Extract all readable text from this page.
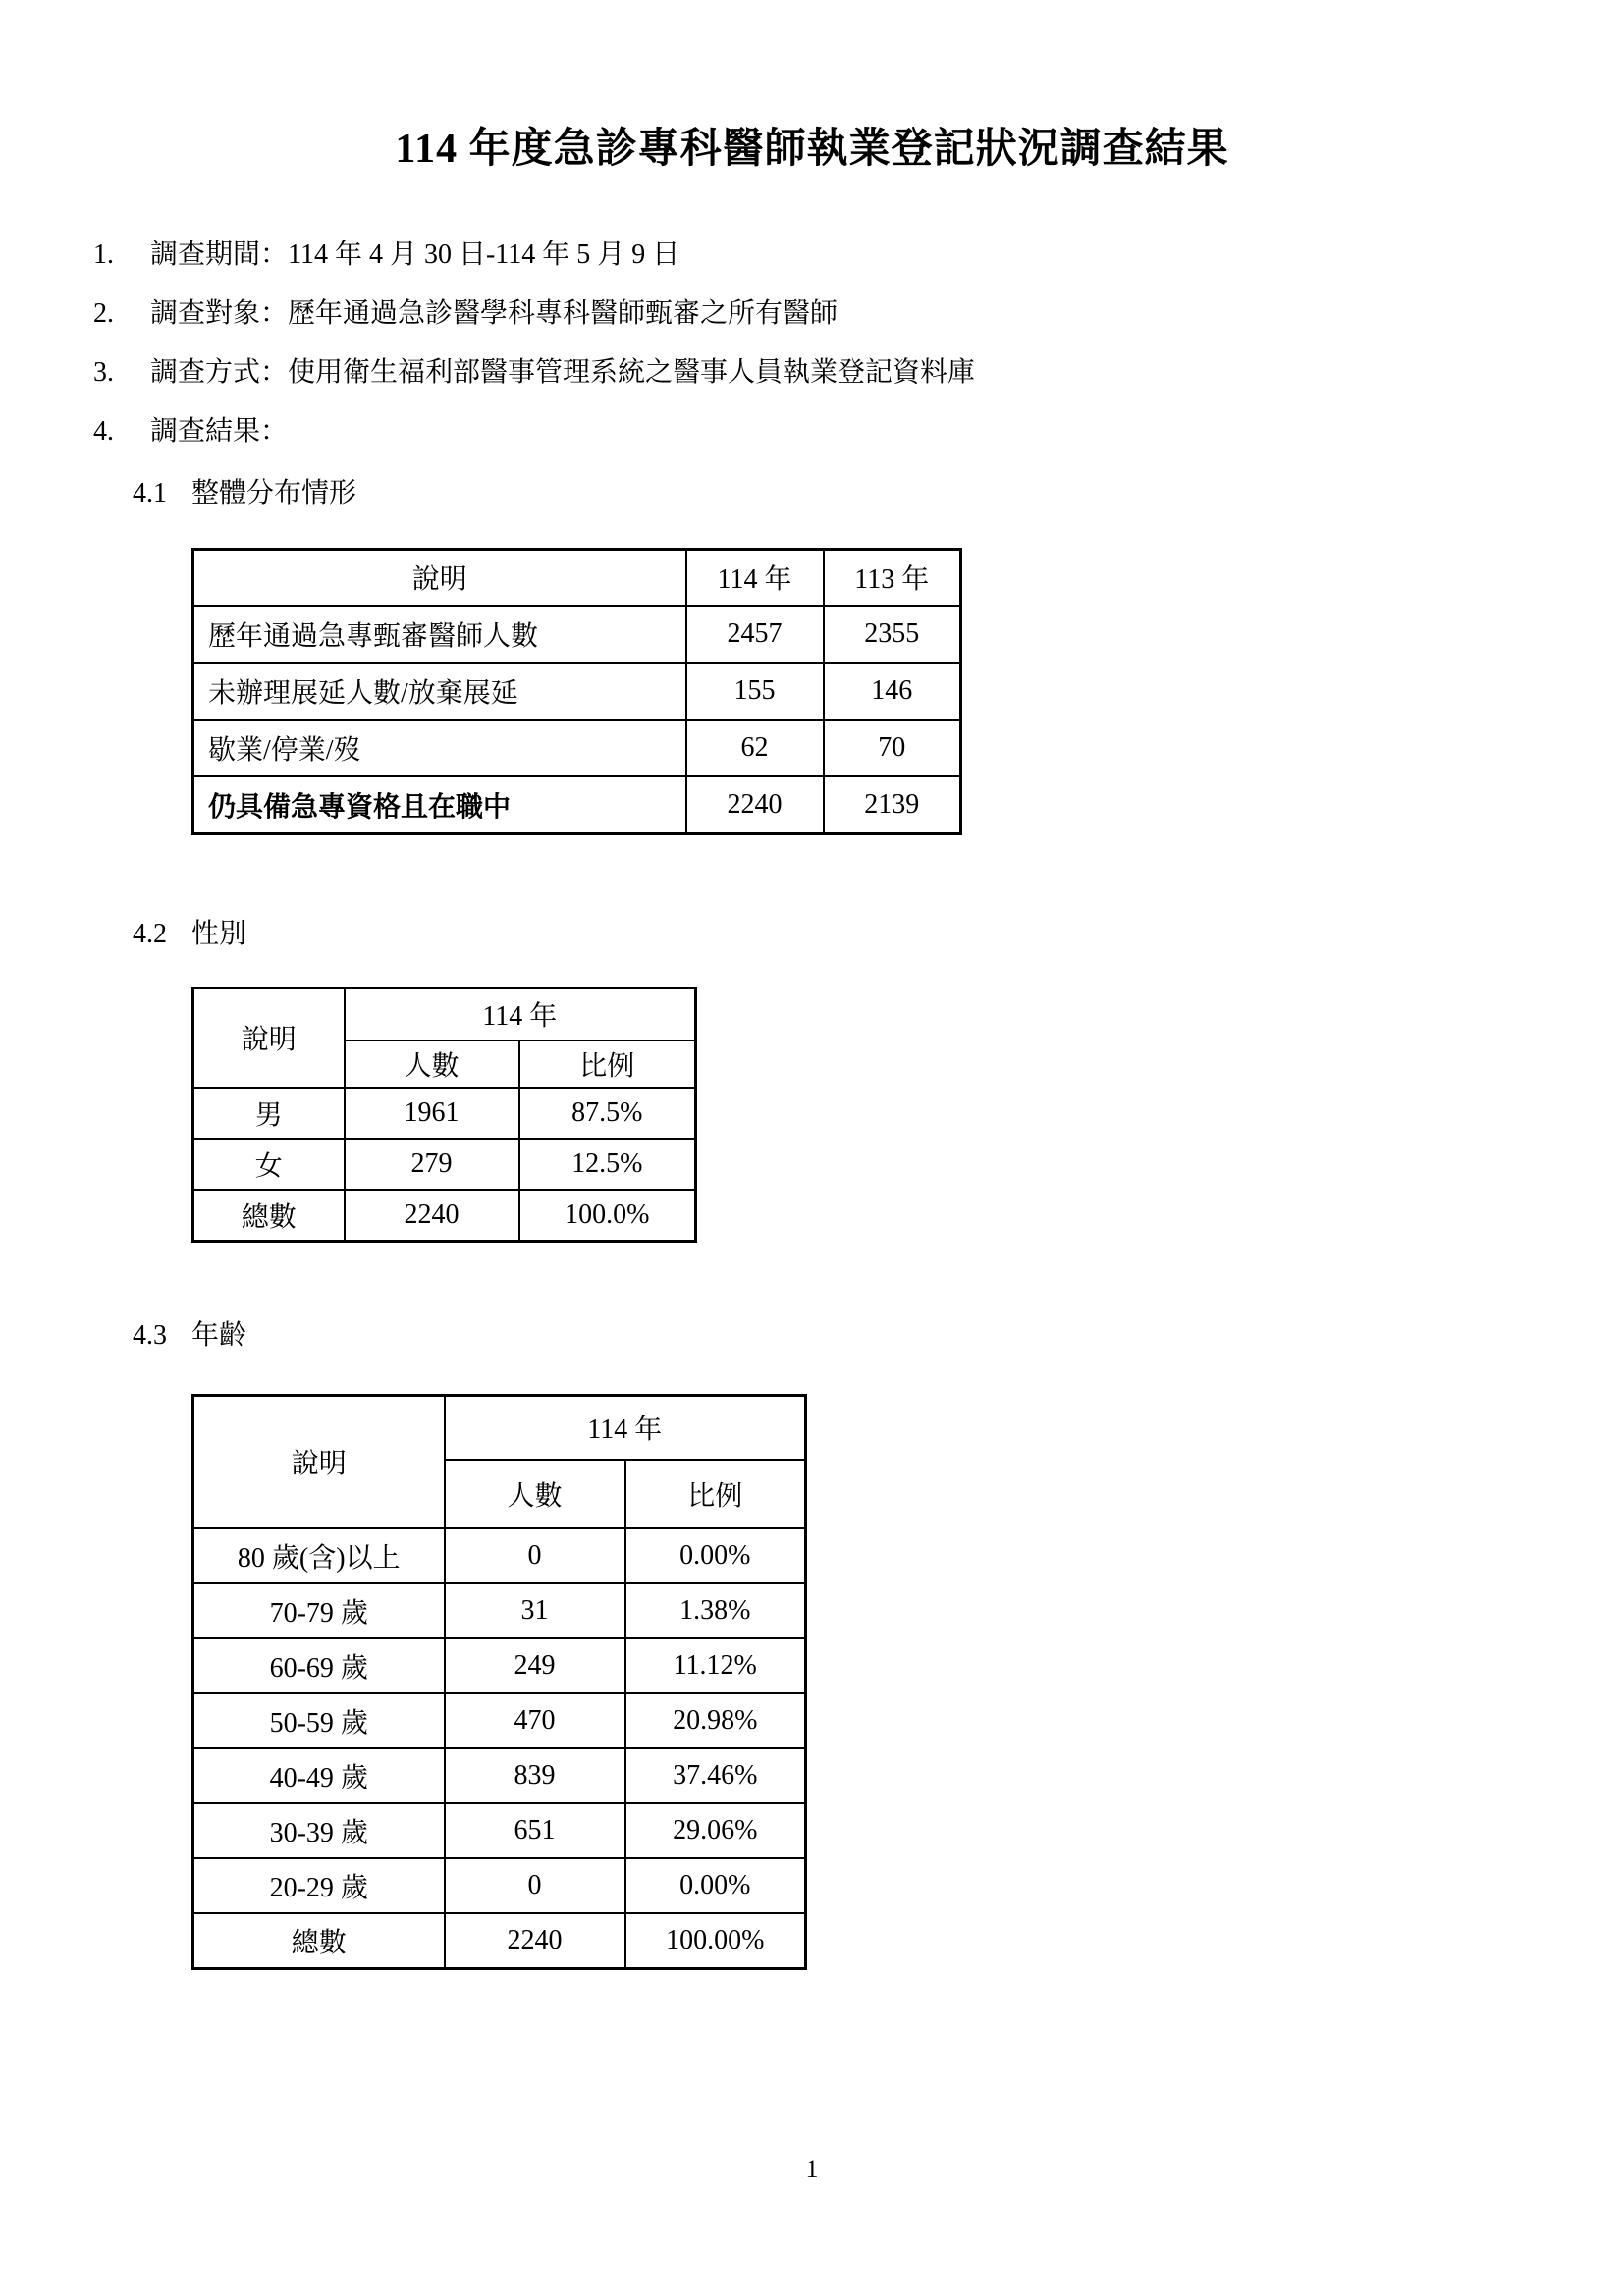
114 年度急診專科醫師執業登記狀況調查結果
1.	調查期間：114 年 4 月 30 日-114 年 5 月 9 日
2.	調查對象：歷年通過急診醫學科專科醫師甄審之所有醫師
3.	調查方式：使用衛生福利部醫事管理系統之醫事人員執業登記資料庫
4.	調查結果：
4.1 整體分布情形
說明	114 年	113 年
歷年通過急專甄審醫師人數	2457	2355
未辦理展延人數/放棄展延	155	146
歇業/停業/歿	62	70
仍具備急專資格且在職中	2240	2139
4.2 性別
說明	114 年	
	人數	比例
男	1961	87.5%
女	279	12.5%
總數	2240	100.0%
4.3 年齡
說明	114 年	
	人數	比例
80 歲(含)以上	0	0.00%
70-79 歲	31	1.38%
60-69 歲	249	11.12%
50-59 歲	470	20.98%
40-49 歲	839	37.46%
30-39 歲	651	29.06%
20-29 歲	0	0.00%
總數	2240	100.00%
1
